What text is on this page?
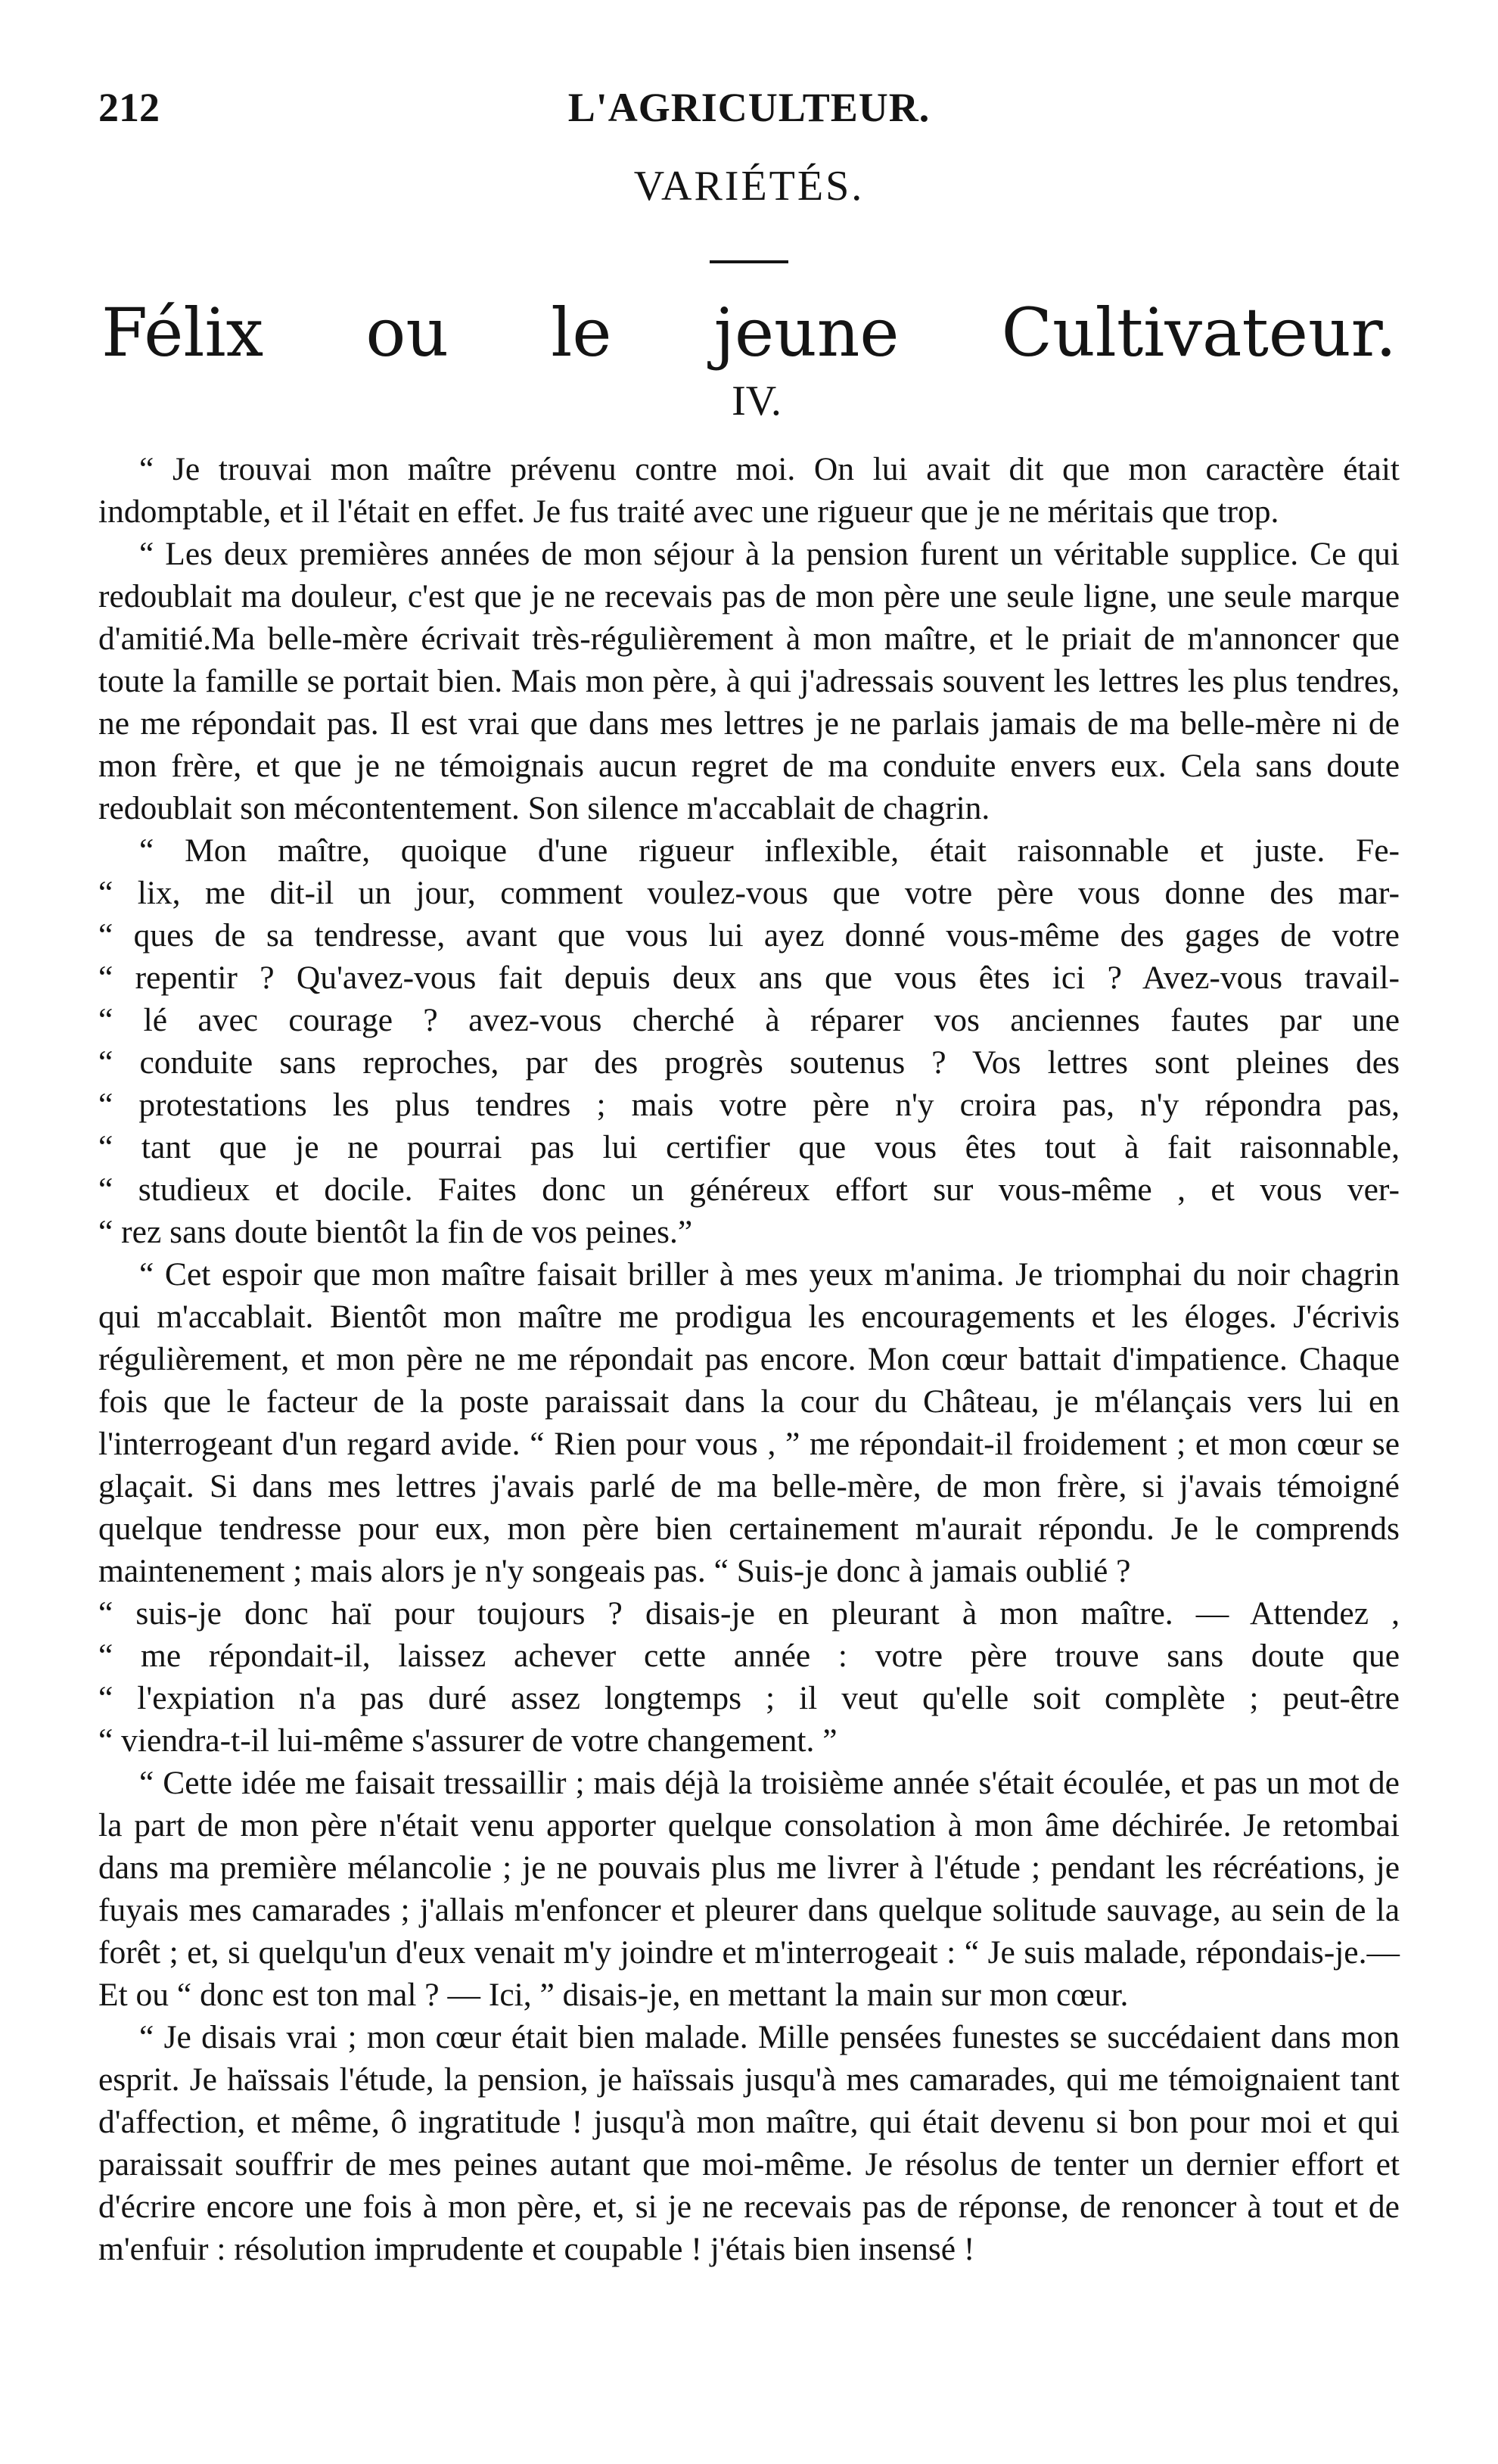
212	L'AGRICULTEUR.
VARIÉTÉS.
Félix ou le jeune Cultivateur.
IV.

“ Je trouvai mon maître prévenu contre moi. On lui avait dit que mon caractère était indomptable, et il l'était en effet. Je fus traité avec une rigueur que je ne méritais que trop.

“ Les deux premières années de mon séjour à la pension furent un véritable supplice. Ce qui redoublait ma douleur, c'est que je ne recevais pas de mon père une seule ligne, une seule marque d'amitié.Ma belle-mère écrivait très-régulièrement à mon maître, et le priait de m'annoncer que toute la famille se portait bien. Mais mon père, à qui j'adressais souvent les lettres les plus tendres, ne me répondait pas. Il est vrai que dans mes lettres je ne parlais jamais de ma belle-mère ni de mon frère, et que je ne témoignais aucun regret de ma conduite envers eux. Cela sans doute redoublait son mécontentement. Son silence m'accablait de chagrin.

“ Mon maître, quoique d'une rigueur inflexible, était raisonnable et juste. Fe-
“ lix, me dit-il un jour, comment voulez-vous que votre père vous donne des mar-
“ ques de sa tendresse, avant que vous lui ayez donné vous-même des gages de votre
“ repentir ? Qu'avez-vous fait depuis deux ans que vous êtes ici ? Avez-vous travail-
“ lé avec courage ? avez-vous cherché à réparer vos anciennes fautes par une
“ conduite sans reproches, par des progrès soutenus ? Vos lettres sont pleines des
“ protestations les plus tendres ; mais votre père n'y croira pas, n'y répondra pas,
“ tant que je ne pourrai pas lui certifier que vous êtes tout à fait raisonnable,
“ studieux et docile. Faites donc un généreux effort sur vous-même , et vous ver-
“ rez sans doute bientôt la fin de vos peines.”

“ Cet espoir que mon maître faisait briller à mes yeux m'anima. Je triomphai du noir chagrin qui m'accablait. Bientôt mon maître me prodigua les encouragements et les éloges. J'écrivis régulièrement, et mon père ne me répondait pas encore. Mon cœur battait d'impatience. Chaque fois que le facteur de la poste paraissait dans la cour du Château, je m'élançais vers lui en l'interrogeant d'un regard avide. “ Rien pour vous , ” me répondait-il froidement ; et mon cœur se glaçait. Si dans mes lettres j'avais parlé de ma belle-mère, de mon frère, si j'avais témoigné quelque tendresse pour eux, mon père bien certainement m'aurait répondu. Je le comprends maintenement ; mais alors je n'y songeais pas. “ Suis-je donc à jamais oublié ?

“ suis-je donc haï pour toujours ? disais-je en pleurant à mon maître. — Attendez ,
“ me répondait-il, laissez achever cette année : votre père trouve sans doute que
“ l'expiation n'a pas duré assez longtemps ; il veut qu'elle soit complète ; peut-être
“ viendra-t-il lui-même s'assurer de votre changement. ”

“ Cette idée me faisait tressaillir ; mais déjà la troisième année s'était écoulée, et pas un mot de la part de mon père n'était venu apporter quelque consolation à mon âme déchirée. Je retombai dans ma première mélancolie ; je ne pouvais plus me livrer à l'étude ; pendant les récréations, je fuyais mes camarades ; j'allais m'enfoncer et pleurer dans quelque solitude sauvage, au sein de la forêt ; et, si quelqu'un d'eux venait m'y joindre et m'interrogeait : “ Je suis malade, répondais-je.— Et ou “ donc est ton mal ? — Ici, ” disais-je, en mettant la main sur mon cœur.

“ Je disais vrai ; mon cœur était bien malade. Mille pensées funestes se succédaient dans mon esprit. Je haïssais l'étude, la pension, je haïssais jusqu'à mes camarades, qui me témoignaient tant d'affection, et même, ô ingratitude ! jusqu'à mon maître, qui était devenu si bon pour moi et qui paraissait souffrir de mes peines autant que moi-même. Je résolus de tenter un dernier effort et d'écrire encore une fois à mon père, et, si je ne recevais pas de réponse, de renoncer à tout et de m'enfuir : résolution imprudente et coupable ! j'étais bien insensé !
